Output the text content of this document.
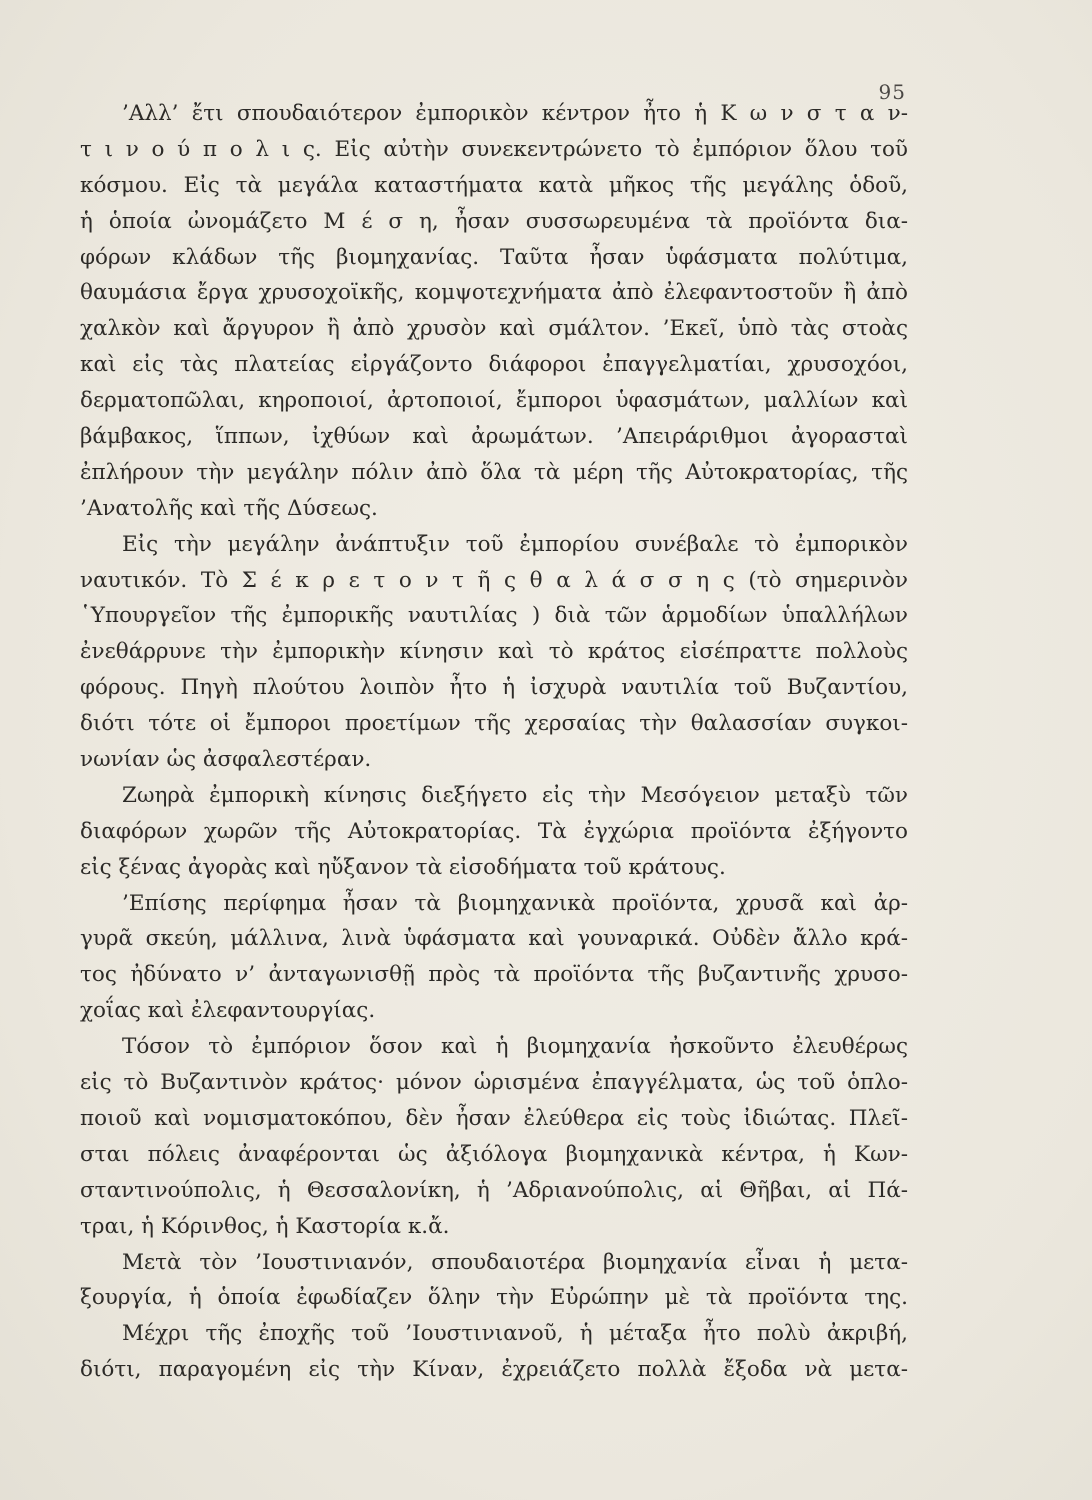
95
’Αλλ’ ἔτι σπουδαιότερον ἐμπορικὸν κέντρον ἦτο ἡ Κ ω ν σ τ α ν-
τ ι ν ο ύ π ο λ ι ς. Εἰς αὐτὴν συνεκεντρώνετο τὸ ἐμπόριον ὅλου τοῦ
κόσμου. Εἰς τὰ μεγάλα καταστήματα κατὰ μῆκος τῆς μεγάλης ὁδοῦ,
ἡ ὁποία ὠνομάζετο Μ έ σ η, ἦσαν συσσωρευμένα τὰ προϊόντα δια-
φόρων κλάδων τῆς βιομηχανίας. Ταῦτα ἦσαν ὑφάσματα πολύτιμα,
θαυμάσια ἔργα χρυσοχοϊκῆς, κομψοτεχνήματα ἀπὸ ἐλεφαντοστοῦν ἢ ἀπὸ
χαλκὸν καὶ ἄργυρον ἢ ἀπὸ χρυσὸν καὶ σμάλτον. ’Εκεῖ, ὑπὸ τὰς στοὰς
καὶ εἰς τὰς πλατείας εἰργάζοντο διάφοροι ἐπαγγελματίαι, χρυσοχόοι,
δερματοπῶλαι, κηροποιοί, ἀρτοποιοί, ἔμποροι ὑφασμάτων, μαλλίων καὶ
βάμβακος, ἵππων, ἰχθύων καὶ ἀρωμάτων. ’Απειράριθμοι ἀγορασταὶ
ἐπλήρουν τὴν μεγάλην πόλιν ἀπὸ ὅλα τὰ μέρη τῆς Αὐτοκρατορίας, τῆς
’Ανατολῆς καὶ τῆς Δύσεως.
Εἰς τὴν μεγάλην ἀνάπτυξιν τοῦ ἐμπορίου συνέβαλε τὸ ἐμπορικὸν
ναυτικόν. Τὸ Σ έ κ ρ ε τ ο ν τ ῆ ς θ α λ ά σ σ η ς (τὸ σημερινὸν
῾Υπουργεῖον τῆς ἐμπορικῆς ναυτιλίας ) διὰ τῶν ἁρμοδίων ὑπαλλήλων
ἐνεθάρρυνε τὴν ἐμπορικὴν κίνησιν καὶ τὸ κράτος εἰσέπραττε πολλοὺς
φόρους. Πηγὴ πλούτου λοιπὸν ἦτο ἡ ἰσχυρὰ ναυτιλία τοῦ Βυζαντίου,
διότι τότε οἱ ἔμποροι προετίμων τῆς χερσαίας τὴν θαλασσίαν συγκοι-
νωνίαν ὡς ἀσφαλεστέραν.
Ζωηρὰ ἐμπορικὴ κίνησις διεξήγετο εἰς τὴν Μεσόγειον μεταξὺ τῶν
διαφόρων χωρῶν τῆς Αὐτοκρατορίας. Τὰ ἐγχώρια προϊόντα ἐξήγοντο
εἰς ξένας ἀγορὰς καὶ ηὔξανον τὰ εἰσοδήματα τοῦ κράτους.
’Επίσης περίφημα ἦσαν τὰ βιομηχανικὰ προϊόντα, χρυσᾶ καὶ ἀρ-
γυρᾶ σκεύη, μάλλινα, λινὰ ὑφάσματα καὶ γουναρικά. Οὐδὲν ἄλλο κρά-
τος ἠδύνατο ν’ ἀνταγωνισθῇ πρὸς τὰ προϊόντα τῆς βυζαντινῆς χρυσο-
χοΐας καὶ ἐλεφαντουργίας.
Τόσον τὸ ἐμπόριον ὅσον καὶ ἡ βιομηχανία ἠσκοῦντο ἐλευθέρως
εἰς τὸ Βυζαντινὸν κράτος· μόνον ὡρισμένα ἐπαγγέλματα, ὡς τοῦ ὁπλο-
ποιοῦ καὶ νομισματοκόπου, δὲν ἦσαν ἐλεύθερα εἰς τοὺς ἰδιώτας. Πλεῖ-
σται πόλεις ἀναφέρονται ὡς ἀξιόλογα βιομηχανικὰ κέντρα, ἡ Κων-
σταντινούπολις, ἡ Θεσσαλονίκη, ἡ ’Αδριανούπολις, αἱ Θῆβαι, αἱ Πά-
τραι, ἡ Κόρινθος, ἡ Καστορία κ.ἄ.
Μετὰ τὸν ’Ιουστινιανόν, σπουδαιοτέρα βιομηχανία εἶναι ἡ μετα-
ξουργία, ἡ ὁποία ἐφωδίαζεν ὅλην τὴν Εὐρώπην μὲ τὰ προϊόντα της.
Μέχρι τῆς ἐποχῆς τοῦ ’Ιουστινιανοῦ, ἡ μέταξα ἦτο πολὺ ἀκριβή,
διότι, παραγομένη εἰς τὴν Κίναν, ἐχρειάζετο πολλὰ ἔξοδα νὰ μετα-
